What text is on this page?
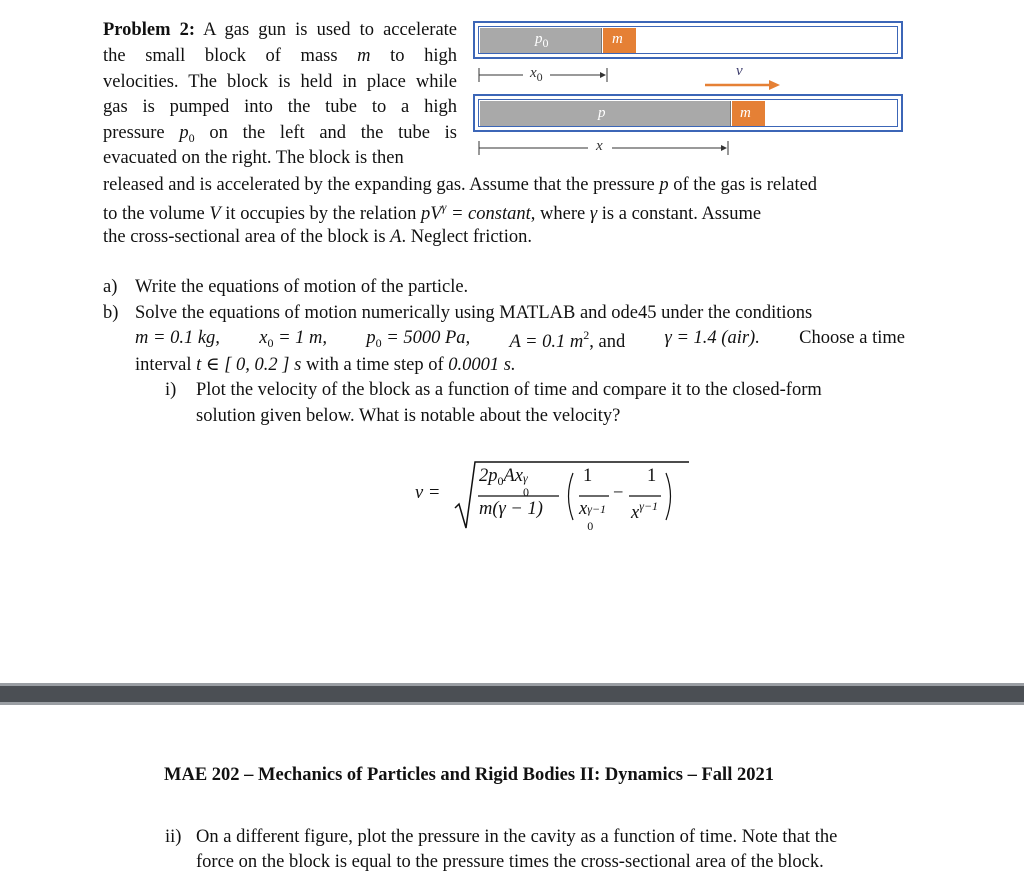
Problem 2: A gas gun is used to accelerate
the small block of mass m to high
velocities. The block is held in place while
gas is pumped into the tube to a high
pressure $p_0$ on the left and the tube is
evacuated on the right. The block is then
released and is accelerated by the expanding gas. Assume that the pressure p of the gas is related
to the volume V it occupies by the relation $pV^\gamma$ = constant, where γ is a constant. Assume
the cross-sectional area of the block is A. Neglect friction.
$p_0$	m
$x_0$	v
p	m
x
a) Write the equations of motion of the particle.
b) Solve the equations of motion numerically using MATLAB and ode45 under the conditions
m = 0.1 kg, $x_0 = 1$ m, $p_0 = 5000$ Pa, A = 0.1 $m^2$, and γ = 1.4 (air). Choose a time
interval t ∈ [ 0, 0.2 ] s with a time step of 0.0001 s.
i) Plot the velocity of the block as a function of time and compare it to the closed-form
solution given below. What is notable about the velocity?
v =
$2p_0Ax$ γ
0
m(γ − 1)
1
x γ−1
0
−
1
$x^{\gamma-1}$
MAE 202 – Mechanics of Particles and Rigid Bodies II: Dynamics – Fall 2021
ii) On a different figure, plot the pressure in the cavity as a function of time. Note that the
force on the block is equal to the pressure times the cross-sectional area of the block.
